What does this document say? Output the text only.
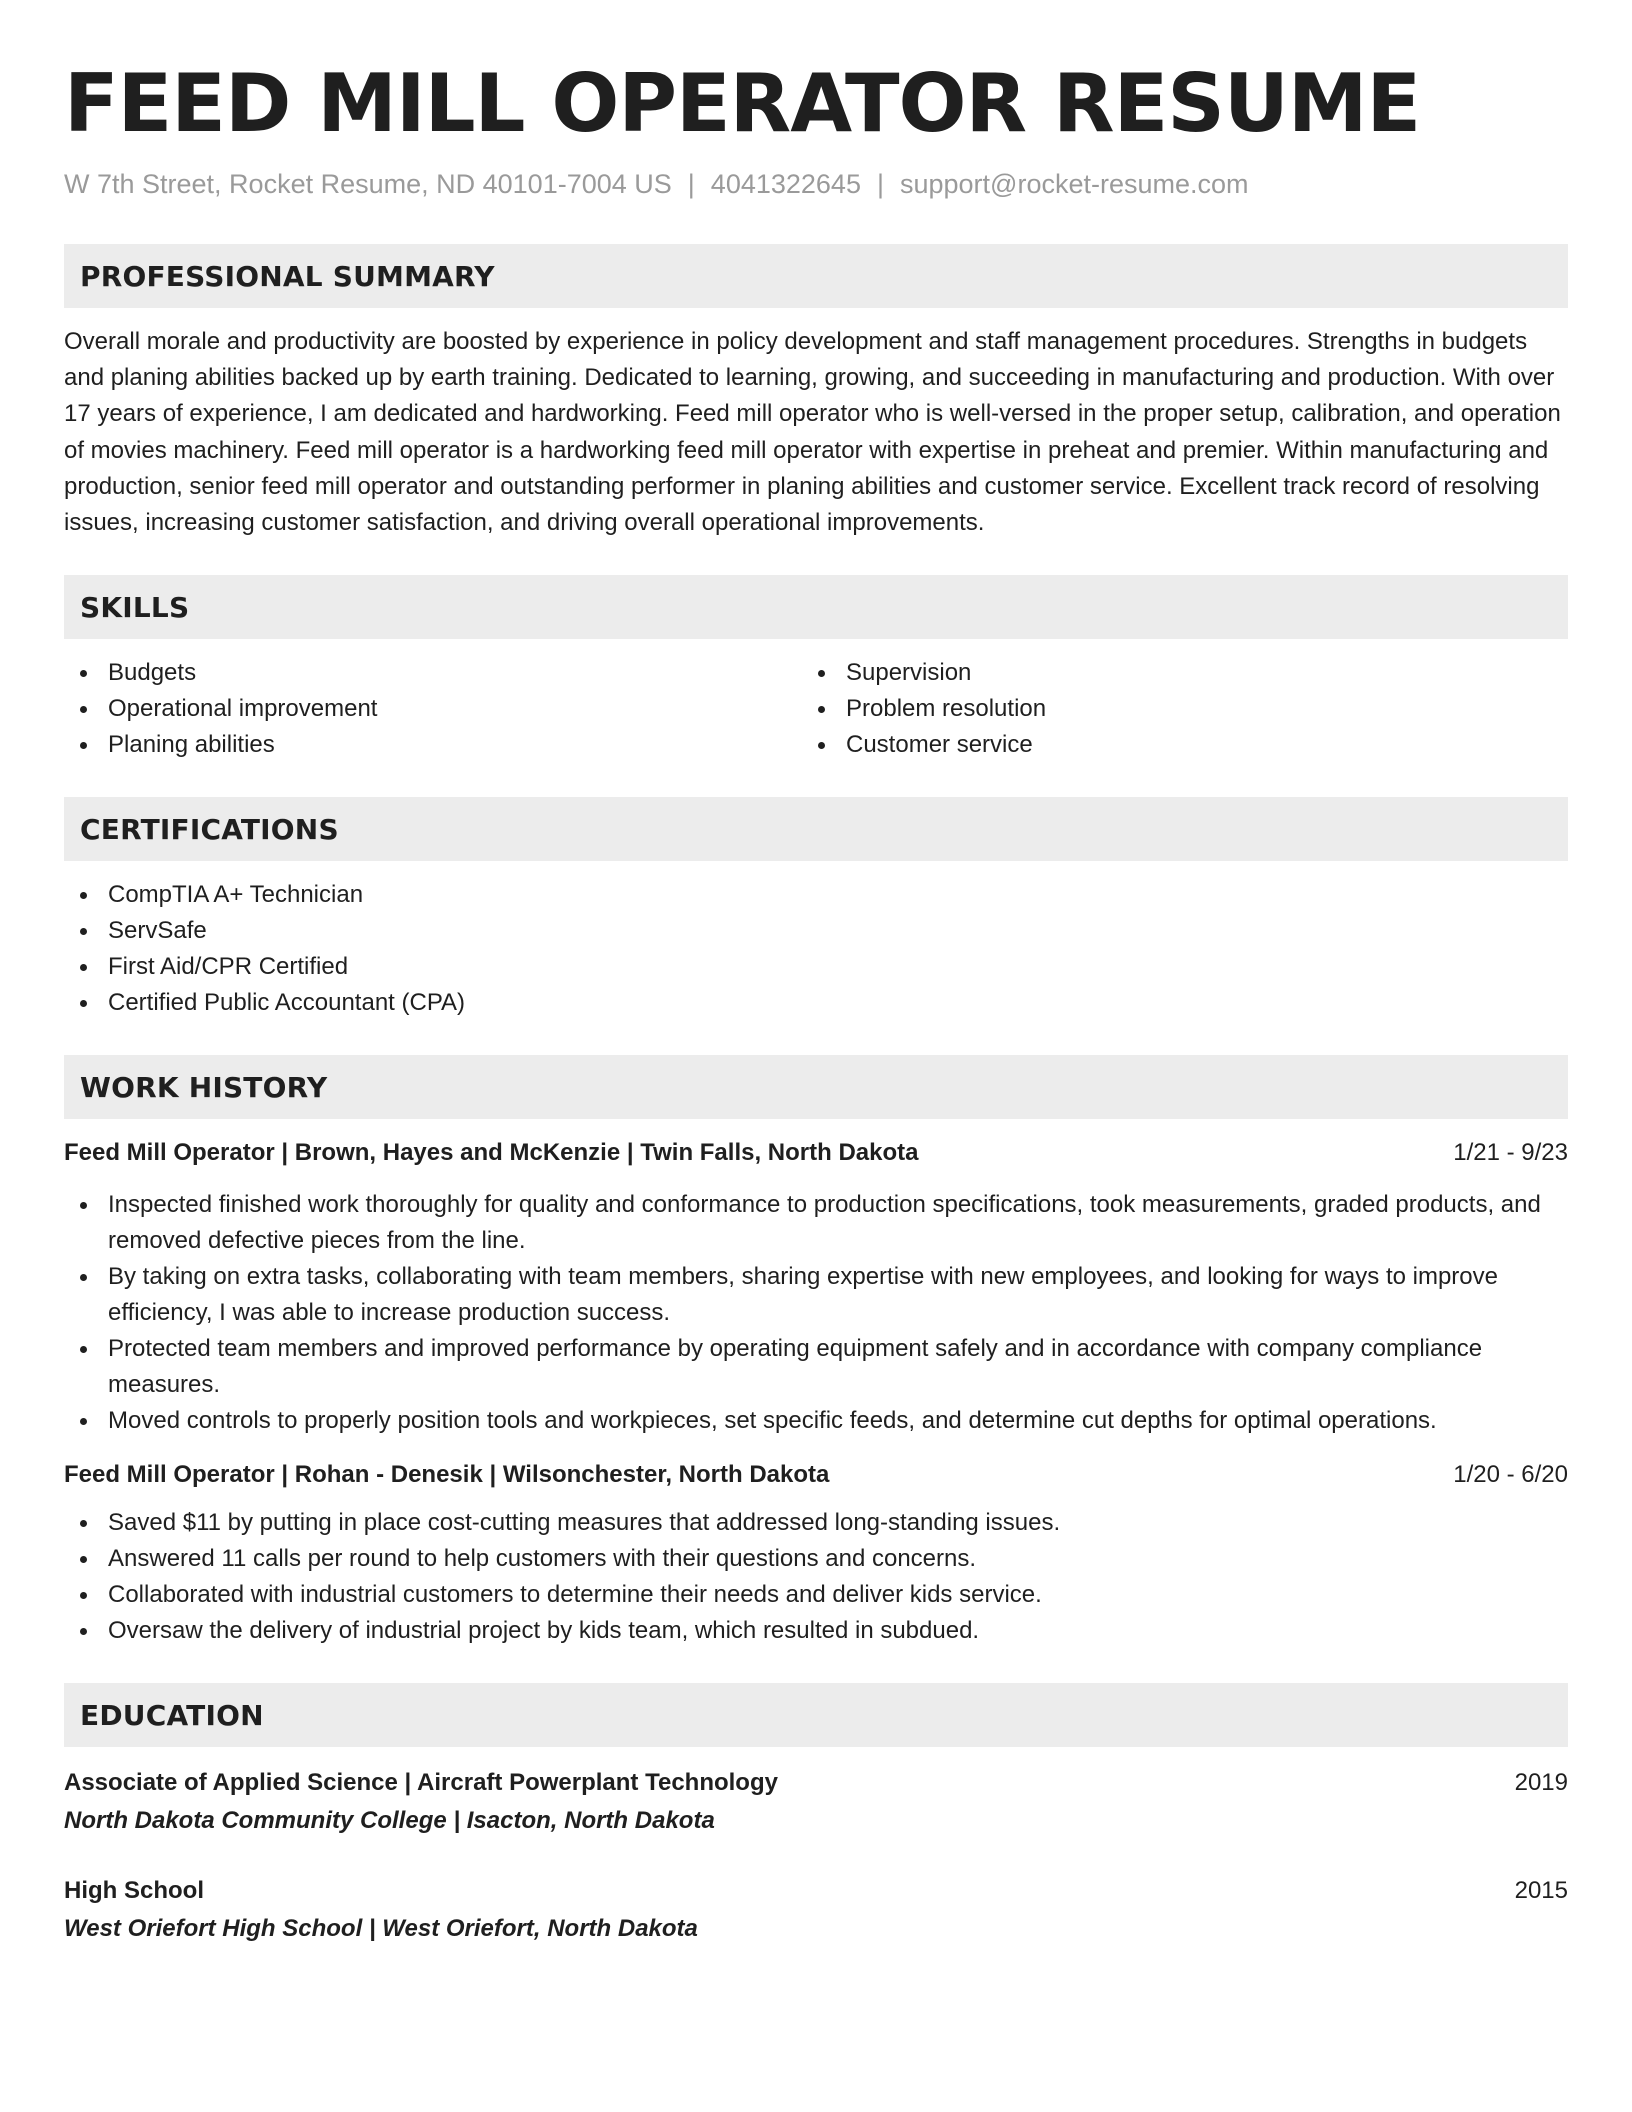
FEED MILL OPERATOR RESUME
W 7th Street, Rocket Resume, ND 40101-7004 US | 4041322645 | support@rocket-resume.com
PROFESSIONAL SUMMARY

Overall morale and productivity are boosted by experience in policy development and staff management procedures. Strengths in budgets and planing abilities backed up by earth training. Dedicated to learning, growing, and succeeding in manufacturing and production. With over 17 years of experience, I am dedicated and hardworking. Feed mill operator who is well-versed in the proper setup, calibration, and operation of movies machinery. Feed mill operator is a hardworking feed mill operator with expertise in preheat and premier. Within manufacturing and production, senior feed mill operator and outstanding performer in planing abilities and customer service. Excellent track record of resolving issues, increasing customer satisfaction, and driving overall operational improvements.

SKILLS
Budgets
Operational improvement
Planing abilities
Supervision
Problem resolution
Customer service
CERTIFICATIONS
CompTIA A+ Technician
ServSafe
First Aid/CPR Certified
Certified Public Accountant (CPA)
WORK HISTORY
Feed Mill Operator | Brown, Hayes and McKenzie | Twin Falls, North Dakota	1/21 - 9/23
Inspected finished work thoroughly for quality and conformance to production specifications, took measurements, graded products, and removed defective pieces from the line.
By taking on extra tasks, collaborating with team members, sharing expertise with new employees, and looking for ways to improve efficiency, I was able to increase production success.
Protected team members and improved performance by operating equipment safely and in accordance with company compliance measures.
Moved controls to properly position tools and workpieces, set specific feeds, and determine cut depths for optimal operations.
Feed Mill Operator | Rohan - Denesik | Wilsonchester, North Dakota	1/20 - 6/20
Saved $11 by putting in place cost-cutting measures that addressed long-standing issues.
Answered 11 calls per round to help customers with their questions and concerns.
Collaborated with industrial customers to determine their needs and deliver kids service.
Oversaw the delivery of industrial project by kids team, which resulted in subdued.
EDUCATION
Associate of Applied Science | Aircraft Powerplant Technology	2019
North Dakota Community College | Isacton, North Dakota
High School	2015
West Oriefort High School | West Oriefort, North Dakota
